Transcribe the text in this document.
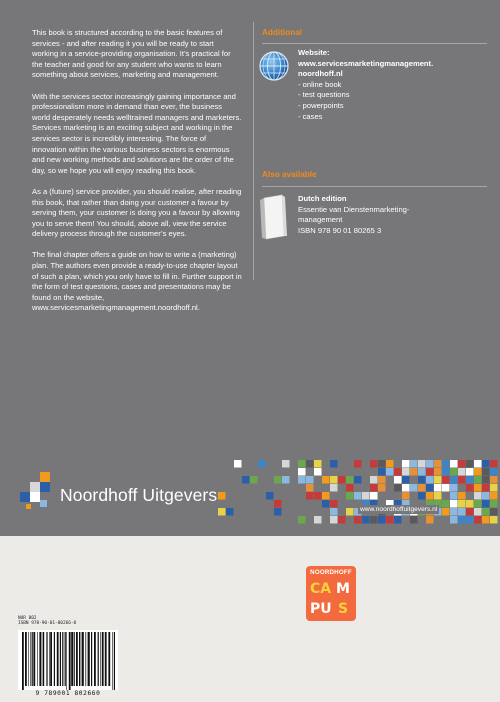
This book is structured according to the basic features of services - and after reading it you will be ready to start working in a service-providing organisation. It’s practical for the teacher and good for any student who wants to learn something about services, marketing and management.

With the services sector increasingly gaining importance and professionalism more in demand than ever, the business world desperately needs welltrained managers and marketers. Services marketing is an exciting subject and working in the services sector is incredibly interesting. The force of innovation within the various business sectors is enormous and new working methods and solutions are the order of the day, so we hope you will enjoy reading this book.

As a (future) service provider, you should realise, after reading this book, that rather than doing your customer a favour by serving them, your customer is doing you a favour by allowing you to serve them! You should, above all, view the service delivery process through the customer’s eyes.

The final chapter offers a guide on how to write a (marketing) plan. The authors even provide a ready-to-use chapter layout of such a plan, which you only have to fill in. Further support in the form of test questions, cases and presentations may be found on the website, www.servicesmarketingmanagement.noordhoff.nl.

Additional
Website:
www.servicesmarketingmanagement.
noordhoff.nl
- online book
- test questions
- powerpoints
- cases
Also available
Dutch edition
Essentie van Dienstenmarketing-
management
ISBN 978 90 01 80265 3
Noordhoff Uitgevers
www.noordhoffuitgevers.nl
NOORDHOFF
CA M
PU S
NUR 802
ISBN 978-90-01-80266-0
9 789001 802660
